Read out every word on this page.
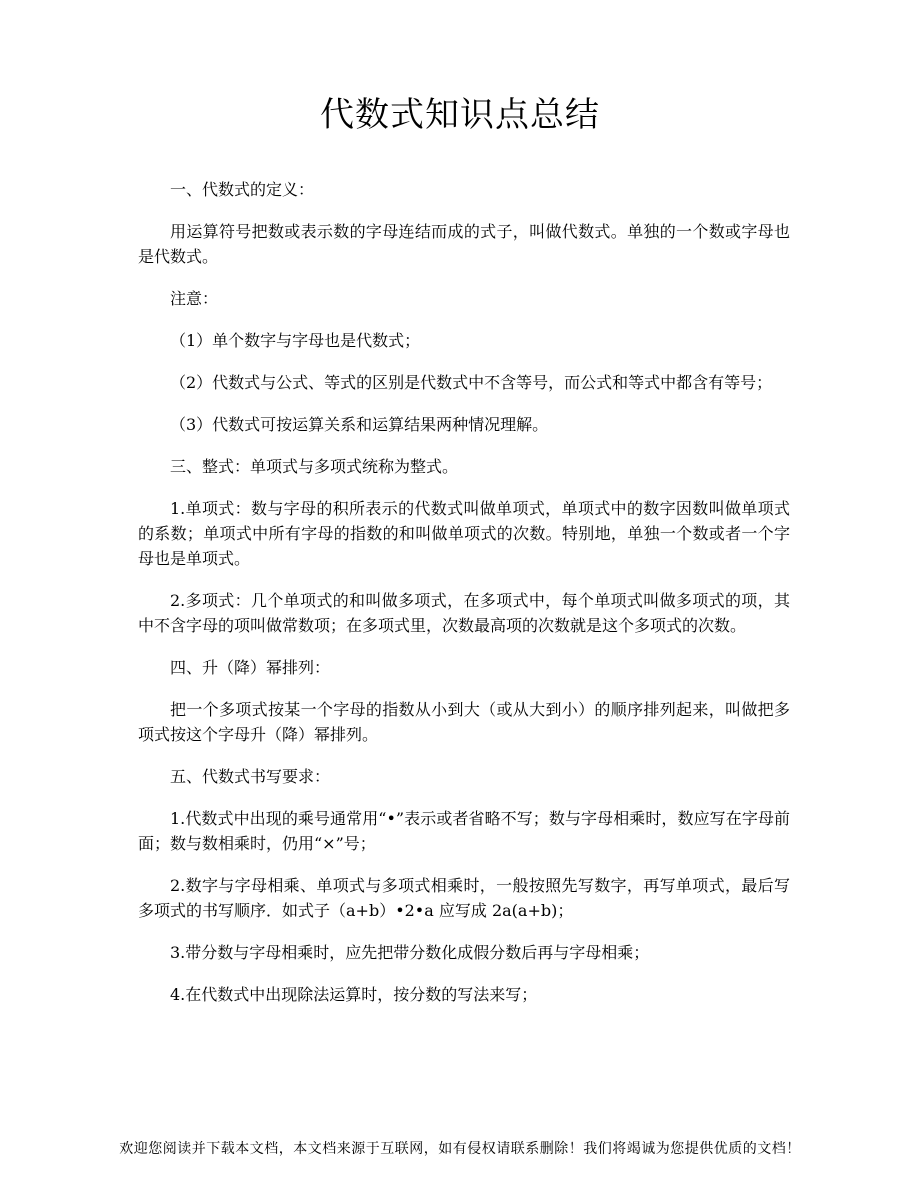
代数式知识点总结

一、代数式的定义：

用运算符号把数或表示数的字母连结而成的式子，叫做代数式。单独的一个数或字母也是代数式。

注意：

（1）单个数字与字母也是代数式；

（2）代数式与公式、等式的区别是代数式中不含等号，而公式和等式中都含有等号；

（3）代数式可按运算关系和运算结果两种情况理解。

三、整式：单项式与多项式统称为整式。

1.单项式：数与字母的积所表示的代数式叫做单项式，单项式中的数字因数叫做单项式的系数；单项式中所有字母的指数的和叫做单项式的次数。特别地，单独一个数或者一个字母也是单项式。

2.多项式：几个单项式的和叫做多项式，在多项式中，每个单项式叫做多项式的项，其中不含字母的项叫做常数项；在多项式里，次数最高项的次数就是这个多项式的次数。

四、升（降）幂排列：

把一个多项式按某一个字母的指数从小到大（或从大到小）的顺序排列起来，叫做把多项式按这个字母升（降）幂排列。

五、代数式书写要求：

1.代数式中出现的乘号通常用“•”表示或者省略不写；数与字母相乘时，数应写在字母前面；数与数相乘时，仍用“×”号；

2.数字与字母相乘、单项式与多项式相乘时，一般按照先写数字，再写单项式，最后写多项式的书写顺序．如式子（a+b）•2•a 应写成 2a(a+b)；

3.带分数与字母相乘时，应先把带分数化成假分数后再与字母相乘；

4.在代数式中出现除法运算时，按分数的写法来写；

欢迎您阅读并下载本文档，本文档来源于互联网，如有侵权请联系删除！我们将竭诚为您提供优质的文档！
